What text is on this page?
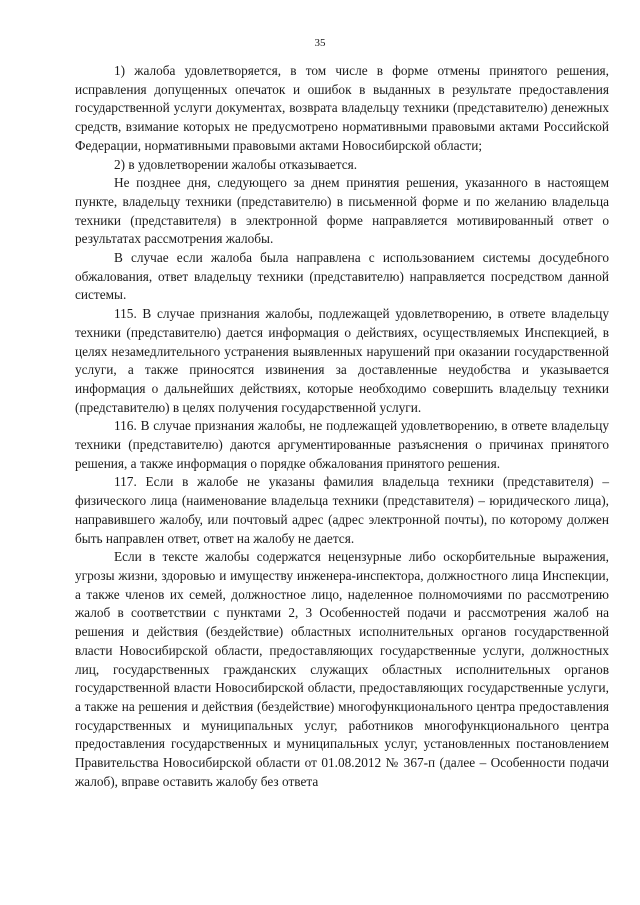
35

1) жалоба удовлетворяется, в том числе в форме отмены принятого решения, исправления допущенных опечаток и ошибок в выданных в результате предоставления государственной услуги документах, возврата владельцу техники (представителю) денежных средств, взимание которых не предусмотрено нормативными правовыми актами Российской Федерации, нормативными правовыми актами Новосибирской области;

2) в удовлетворении жалобы отказывается.

Не позднее дня, следующего за днем принятия решения, указанного в настоящем пункте, владельцу техники (представителю) в письменной форме и по желанию владельца техники (представителя) в электронной форме направляется мотивированный ответ о результатах рассмотрения жалобы.

В случае если жалоба была направлена с использованием системы досудебного обжалования, ответ владельцу техники (представителю) направляется посредством данной системы.

115. В случае признания жалобы, подлежащей удовлетворению, в ответе владельцу техники (представителю) дается информация о действиях, осуществляемых Инспекцией, в целях незамедлительного устранения выявленных нарушений при оказании государственной услуги, а также приносятся извинения за доставленные неудобства и указывается информация о дальнейших действиях, которые необходимо совершить владельцу техники (представителю) в целях получения государственной услуги.

116. В случае признания жалобы, не подлежащей удовлетворению, в ответе владельцу техники (представителю) даются аргументированные разъяснения о причинах принятого решения, а также информация о порядке обжалования принятого решения.

117. Если в жалобе не указаны фамилия владельца техники (представителя) – физического лица (наименование владельца техники (представителя) – юридического лица), направившего жалобу, или почтовый адрес (адрес электронной почты), по которому должен быть направлен ответ, ответ на жалобу не дается.

Если в тексте жалобы содержатся нецензурные либо оскорбительные выражения, угрозы жизни, здоровью и имуществу инженера-инспектора, должностного лица Инспекции, а также членов их семей, должностное лицо, наделенное полномочиями по рассмотрению жалоб в соответствии с пунктами 2, 3 Особенностей подачи и рассмотрения жалоб на решения и действия (бездействие) областных исполнительных органов государственной власти Новосибирской области, предоставляющих государственные услуги, должностных лиц, государственных гражданских служащих областных исполнительных органов государственной власти Новосибирской области, предоставляющих государственные услуги, а также на решения и действия (бездействие) многофункционального центра предоставления государственных и муниципальных услуг, работников многофункционального центра предоставления государственных и муниципальных услуг, установленных постановлением Правительства Новосибирской области от 01.08.2012 № 367-п (далее – Особенности подачи жалоб), вправе оставить жалобу без ответа
